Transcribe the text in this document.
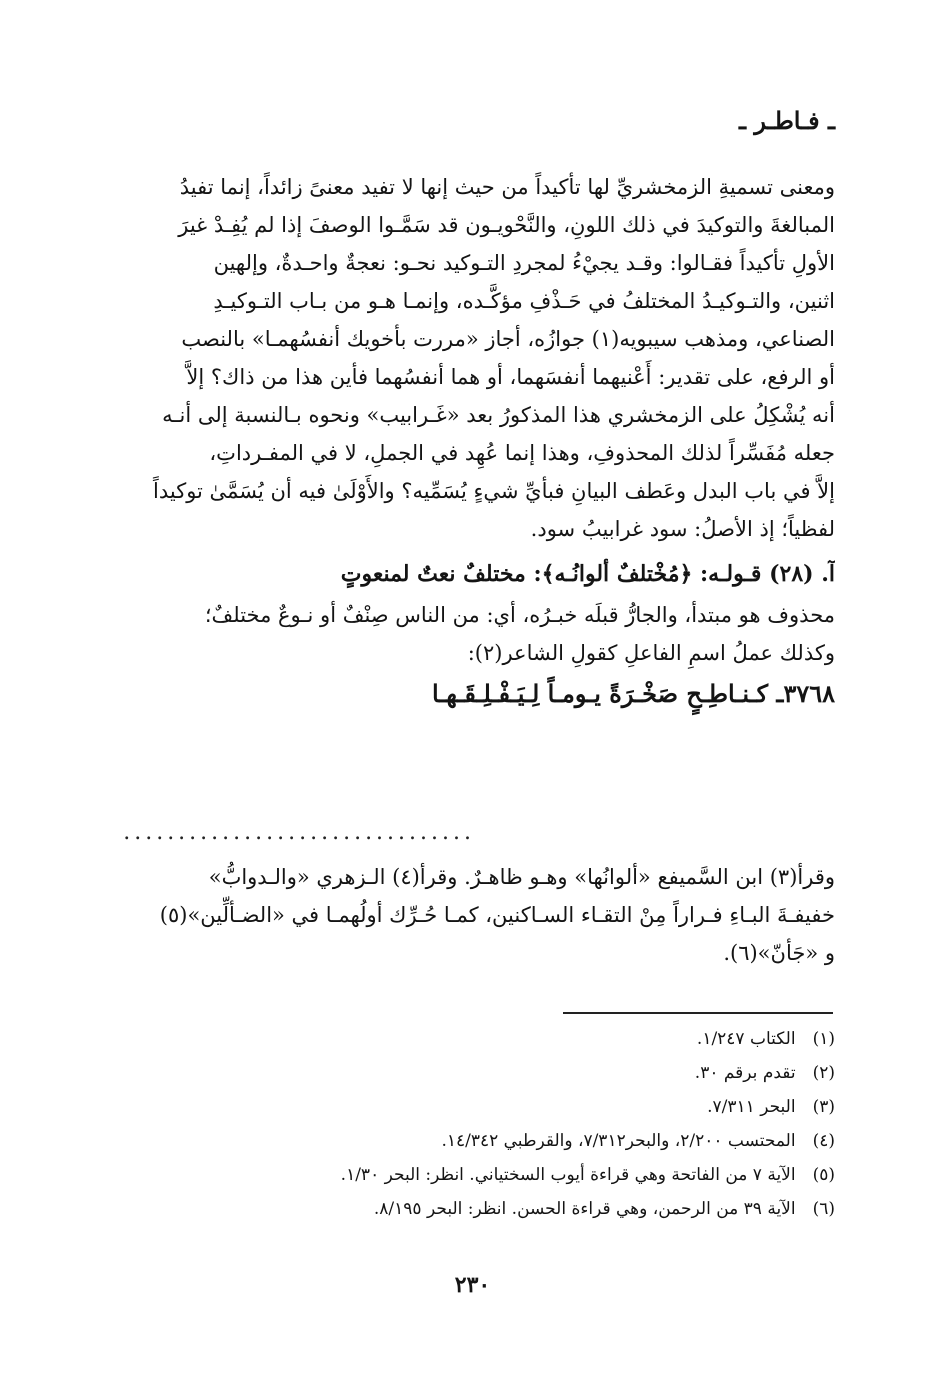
ـ فـاطـر ـ
ومعنى تسميةِ الزمخشريِّ لها تأكيداً من حيث إنها لا تفيد معنىً زائداً، إنما تفيدُ
المبالغةَ والتوكيدَ في ذلك اللونِ، والنَّحْويـون قد سَمَّـوا الوصفَ إذا لم يُفِـدْ غيرَ
الأولِ تأكيداً فقـالوا: وقـد يجيْءُ لمجردِ التـوكيد نحـو: نعجةٌ واحـدةٌ، وإلهين
اثنين، والتـوكيـدُ المختلفُ في حَـذْفِ مؤكَّـده، وإنمـا هـو من بـاب التـوكيـدِ
الصناعي، ومذهب سيبويه(١) جوازُه، أجاز «مررت بأخويك أنفسُهمـا» بالنصب
أو الرفع، على تقدير: أَعْنيهما أنفسَهما، أو هما أنفسُهما فأين هذا من ذاك؟ إلاَّ
أنه يُشْكِلُ على الزمخشري هذا المذكورُ بعد «غَـرابيب» ونحوه بـالنسبة إلى أنـه
جعله مُفَسِّراً لذلك المحذوفِ، وهذا إنما عُهِد في الجملِ، لا في المفـرداتِ،
إلاَّ في باب البدل وعَطف البيانِ فبأيِّ شيءٍ يُسَمِّيه؟ والأَوْلَىٰ فيه أن يُسَمَّىٰ توكيداً
لفظياً؛ إذ الأصلُ: سود غرابيبُ سود.
آ. (٢٨) قـولـه: ﴿مُخْتلفٌ ألوانُـه﴾: مختلفٌ نعتٌ لمنعوتٍ
محذوف هو مبتدأ، والجارُّ قبلَه خبـرُه، أي: من الناس صِنْفٌ أو نـوعٌ مختلفٌ؛
وكذلك عملُ اسمِ الفاعلِ كقولِ الشاعر(٢):
٣٧٦٨ـ كـنـاطِـحٍ صَخْـرَةً يـومـاً لِـيَـفْـلِـقَـهـا
................................
وقرأ(٣) ابن السَّميفع «ألوانُها» وهـو ظاهـرٌ. وقرأ(٤) الـزهري «والـدوابُّ»
خفيفـةَ البـاءِ فـراراً مِنْ التقـاء السـاكنين، كمـا حُـرِّك أولُهمـا في «الضـألِّين»(٥)
و «جَأنّ»(٦).
(١) الكتاب ١/٢٤٧.
(٢) تقدم برقم ٣٠.
(٣) البحر ٧/٣١١.
(٤) المحتسب ٢/٢٠٠، والبحر٧/٣١٢، والقرطبي ١٤/٣٤٢.
(٥) الآية ٧ من الفاتحة وهي قراءة أيوب السختياني. انظر: البحر ١/٣٠.
(٦) الآية ٣٩ من الرحمن، وهي قراءة الحسن. انظر: البحر ٨/١٩٥.
٢٣٠
